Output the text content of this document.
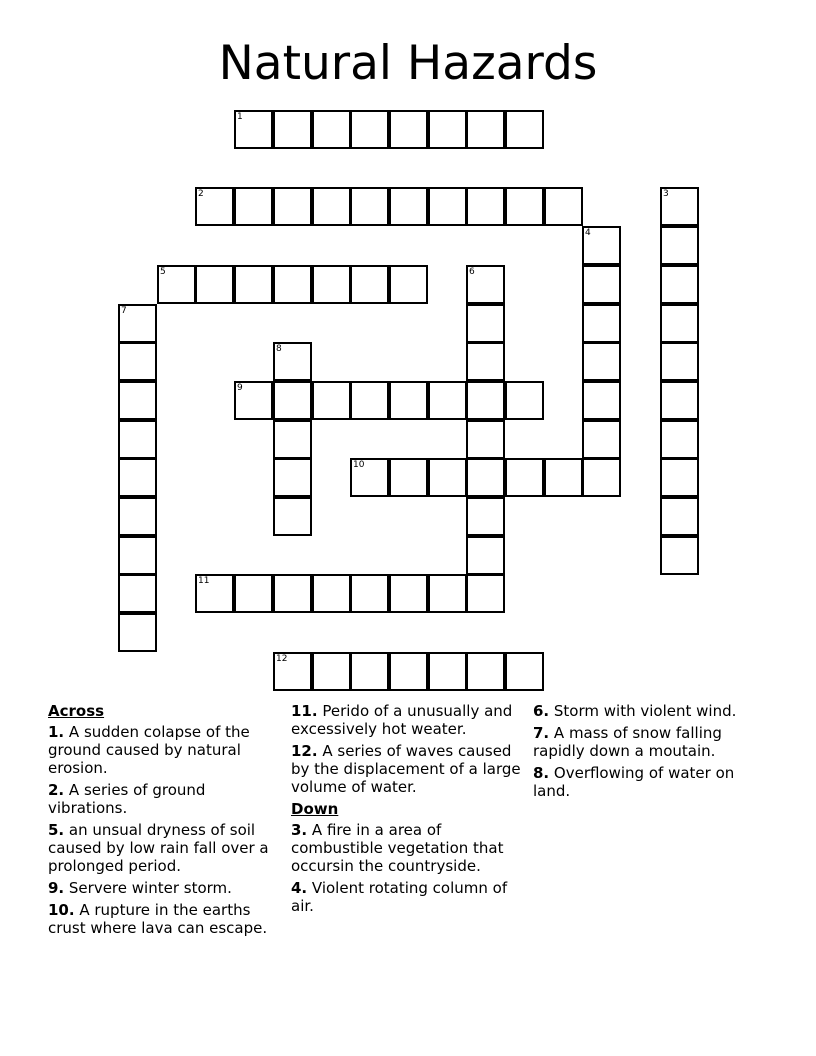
Natural Hazards
1
2	3
4
5	6
7
8
9
10
11
12
Across
1. A sudden colapse of the ground caused by natural erosion.
2. A series of ground vibrations.
5. an unsual dryness of soil caused by low rain fall over a prolonged period.
9. Servere winter storm.
10. A rupture in the earths crust where lava can escape.
11. Perido of a unusually and excessively hot weater.
12. A series of waves caused by the displacement of a large volume of water.
Down
3. A fire in a area of combustible vegetation that occursin the countryside.
4. Violent rotating column of air.
6. Storm with violent wind.
7. A mass of snow falling rapidly down a moutain.
8. Overflowing of water on land.
